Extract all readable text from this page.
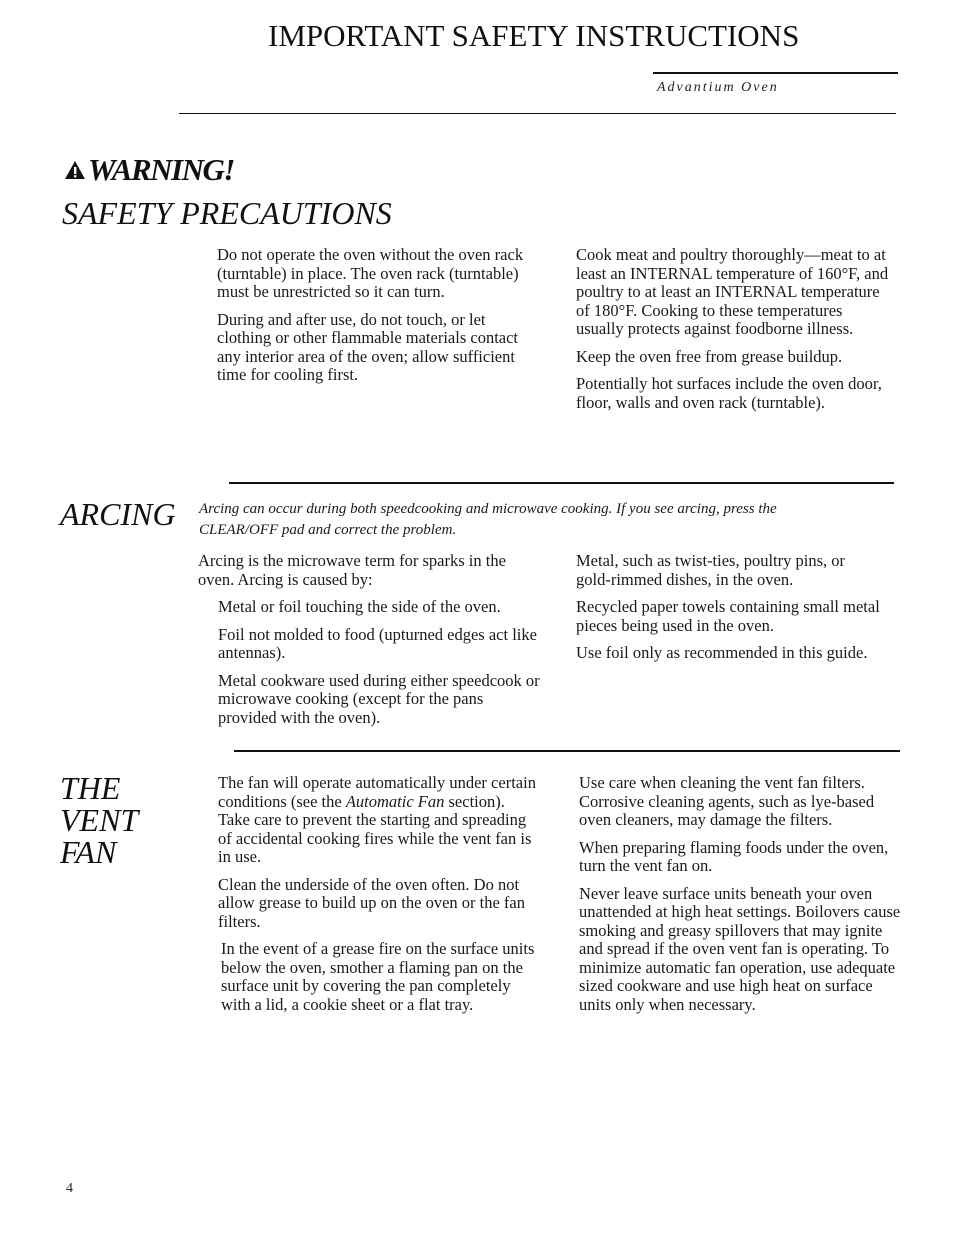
IMPORTANT SAFETY INSTRUCTIONS
Advantium Oven
WARNING!
SAFETY PRECAUTIONS

Do not operate the oven without the oven rack (turntable) in place. The oven rack (turntable) must be unrestricted so it can turn.

During and after use, do not touch, or let clothing or other flammable materials contact any interior area of the oven; allow sufficient time for cooling first.

Cook meat and poultry thoroughly—meat to at least an INTERNAL temperature of 160°F, and poultry to at least an INTERNAL temperature of 180°F. Cooking to these temperatures usually protects against foodborne illness.

Keep the oven free from grease buildup.

Potentially hot surfaces include the oven door, floor, walls and oven rack (turntable).

ARCING Arcing can occur during both speedcooking and microwave cooking. If you see arcing, press the CLEAR/OFF pad and correct the problem.

Arcing is the microwave term for sparks in the oven. Arcing is caused by:

Metal or foil touching the side of the oven.

Foil not molded to food (upturned edges act like antennas).

Metal cookware used during either speedcook or microwave cooking (except for the pans provided with the oven).

Metal, such as twist-ties, poultry pins, or gold-rimmed dishes, in the oven.

Recycled paper towels containing small metal pieces being used in the oven.

Use foil only as recommended in this guide.

THE
VENT
FAN

The fan will operate automatically under certain conditions (see the Automatic Fan section). Take care to prevent the starting and spreading of accidental cooking fires while the vent fan is in use.

Clean the underside of the oven often. Do not allow grease to build up on the oven or the fan filters.

In the event of a grease fire on the surface units below the oven, smother a flaming pan on the surface unit by covering the pan completely with a lid, a cookie sheet or a flat tray.

Use care when cleaning the vent fan filters. Corrosive cleaning agents, such as lye-based oven cleaners, may damage the filters.

When preparing flaming foods under the oven, turn the vent fan on.

Never leave surface units beneath your oven unattended at high heat settings. Boilovers cause smoking and greasy spillovers that may ignite and spread if the oven vent fan is operating. To minimize automatic fan operation, use adequate sized cookware and use high heat on surface units only when necessary.

4
